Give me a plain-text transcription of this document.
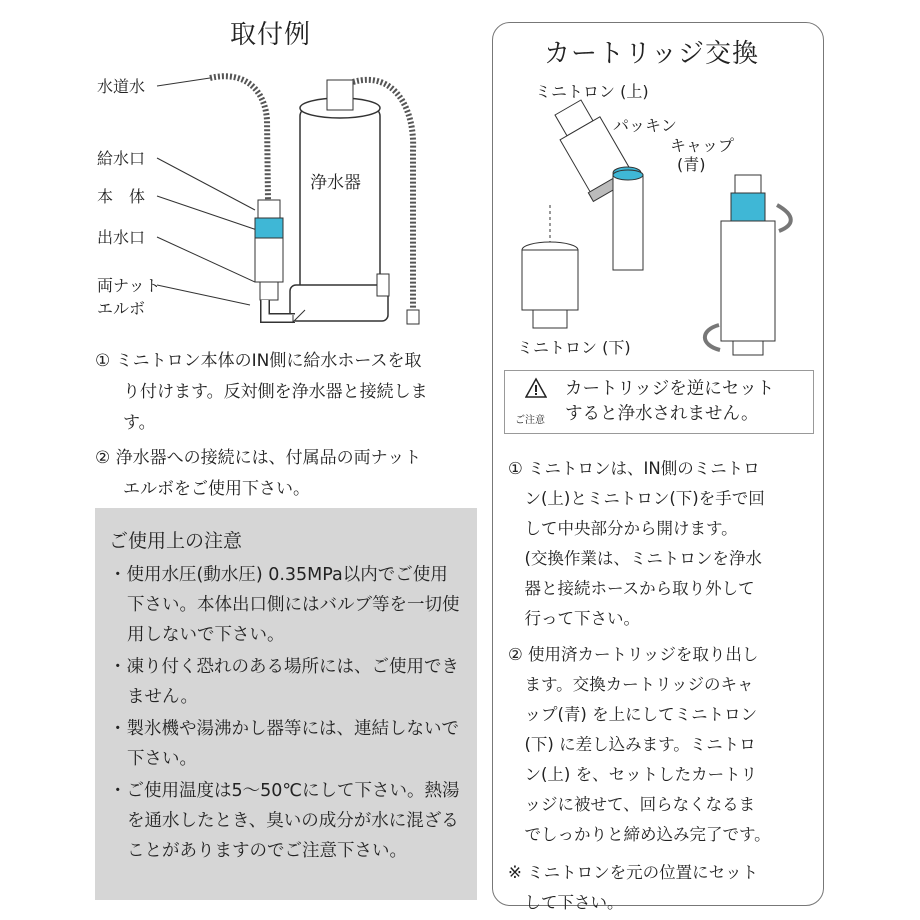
取付例
水道水
給水口
本　体
出水口
両ナット
エルボ
浄水器
① ミニトロン本体のIN側に給水ホースを取
り付けます。反対側を浄水器と接続しま
す。
② 浄水器への接続には、付属品の両ナット
エルボをご使用下さい。
ご使用上の注意
・ 使用水圧(動水圧) 0.35MPa以内でご使用下さい。本体出口側にはバルブ等を一切使用しないで下さい。
・ 凍り付く恐れのある場所には、ご使用できません。
・ 製氷機や湯沸かし器等には、連結しないで下さい。
・ ご使用温度は5〜50℃にして下さい。熱湯を通水したとき、臭いの成分が水に混ざることがありますのでご注意下さい。
カートリッジ交換
ミニトロン (上)
パッキン
キャップ
(青)
ミニトロン (下)
ご注意
カートリッジを逆にセット
すると浄水されません。
① ミニトロンは、IN側のミニトロ
　ン(上)とミニトロン(下)を手で回
　して中央部分から開けます。
　(交換作業は、ミニトロンを浄水
　器と接続ホースから取り外して
　行って下さい。
② 使用済カートリッジを取り出し
　ます。交換カートリッジのキャ
　ップ(青) を上にしてミニトロン
　(下) に差し込みます。ミニトロ
　ン(上) を、セットしたカートリ
　ッジに被せて、回らなくなるま
　でしっかりと締め込み完了です。
※ ミニトロンを元の位置にセット
　して下さい。
